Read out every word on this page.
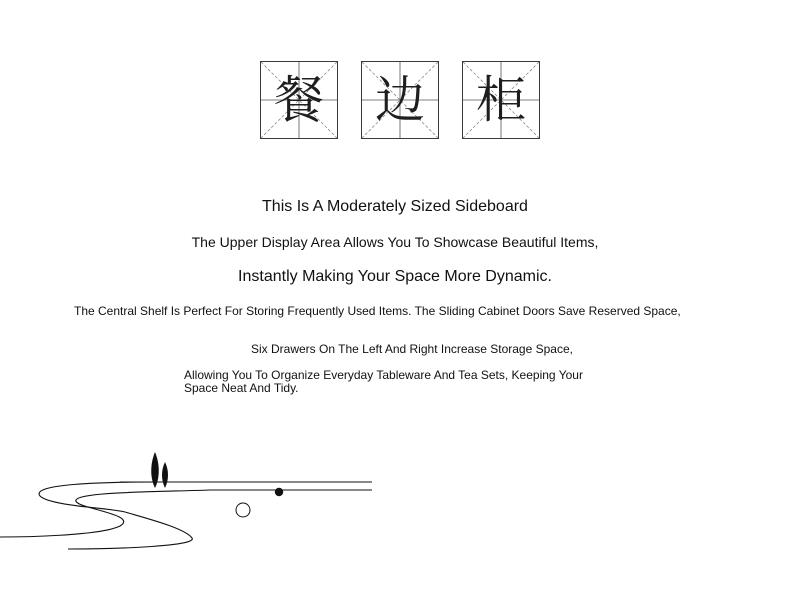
餐 边 柜
This Is A Moderately Sized Sideboard
The Upper Display Area Allows You To Showcase Beautiful Items,
Instantly Making Your Space More Dynamic.
The Central Shelf Is Perfect For Storing Frequently Used Items. The Sliding Cabinet Doors Save Reserved Space,
Six Drawers On The Left And Right Increase Storage Space,
Allowing You To Organize Everyday Tableware And Tea Sets, Keeping Your Space Neat And Tidy.
